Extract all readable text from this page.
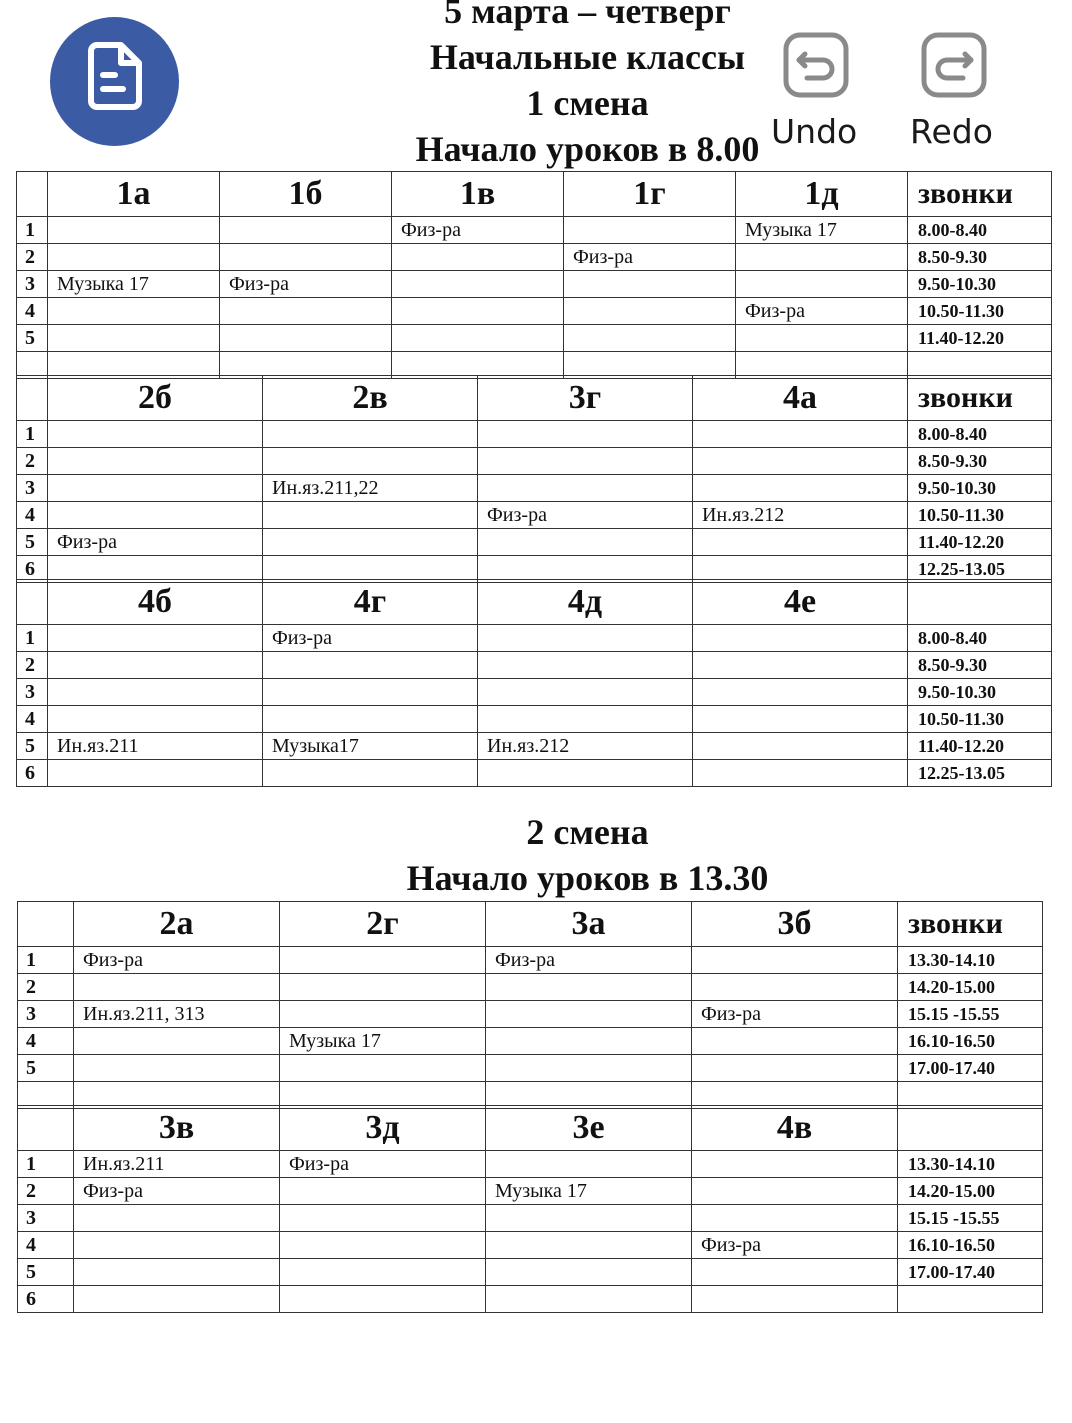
5 марта – четверг
Начальные классы
1 смена
Начало уроков в 8.00 Undo Redo
	1а	1б	1в	1г	1д	звонки
1			Физ-ра		Музыка 17	8.00-8.40
2				Физ-ра		8.50-9.30
3	Музыка 17	Физ-ра				9.50-10.30
4					Физ-ра	10.50-11.30
5						11.40-12.20

	2б	2в	3г	4а	звонки
1					8.00-8.40
2					8.50-9.30
3		Ин.яз.211,22			9.50-10.30
4			Физ-ра	Ин.яз.212	10.50-11.30
5	Физ-ра				11.40-12.20
6					12.25-13.05
	4б	4г	4д	4е	
1		Физ-ра			8.00-8.40
2					8.50-9.30
3					9.50-10.30
4					10.50-11.30
5	Ин.яз.211	Музыка17	Ин.яз.212		11.40-12.20
6					12.25-13.05
2 смена
Начало уроков в 13.30
	2а	2г	3а	3б	звонки
1	Физ-ра		Физ-ра		13.30-14.10
2					14.20-15.00
3	Ин.яз.211, 313			Физ-ра	15.15 -15.55
4		Музыка 17			16.10-16.50
5					17.00-17.40

	3в	3д	3е	4в	
1	Ин.яз.211	Физ-ра			13.30-14.10
2	Физ-ра		Музыка 17		14.20-15.00
3					15.15 -15.55
4				Физ-ра	16.10-16.50
5					17.00-17.40
6					
